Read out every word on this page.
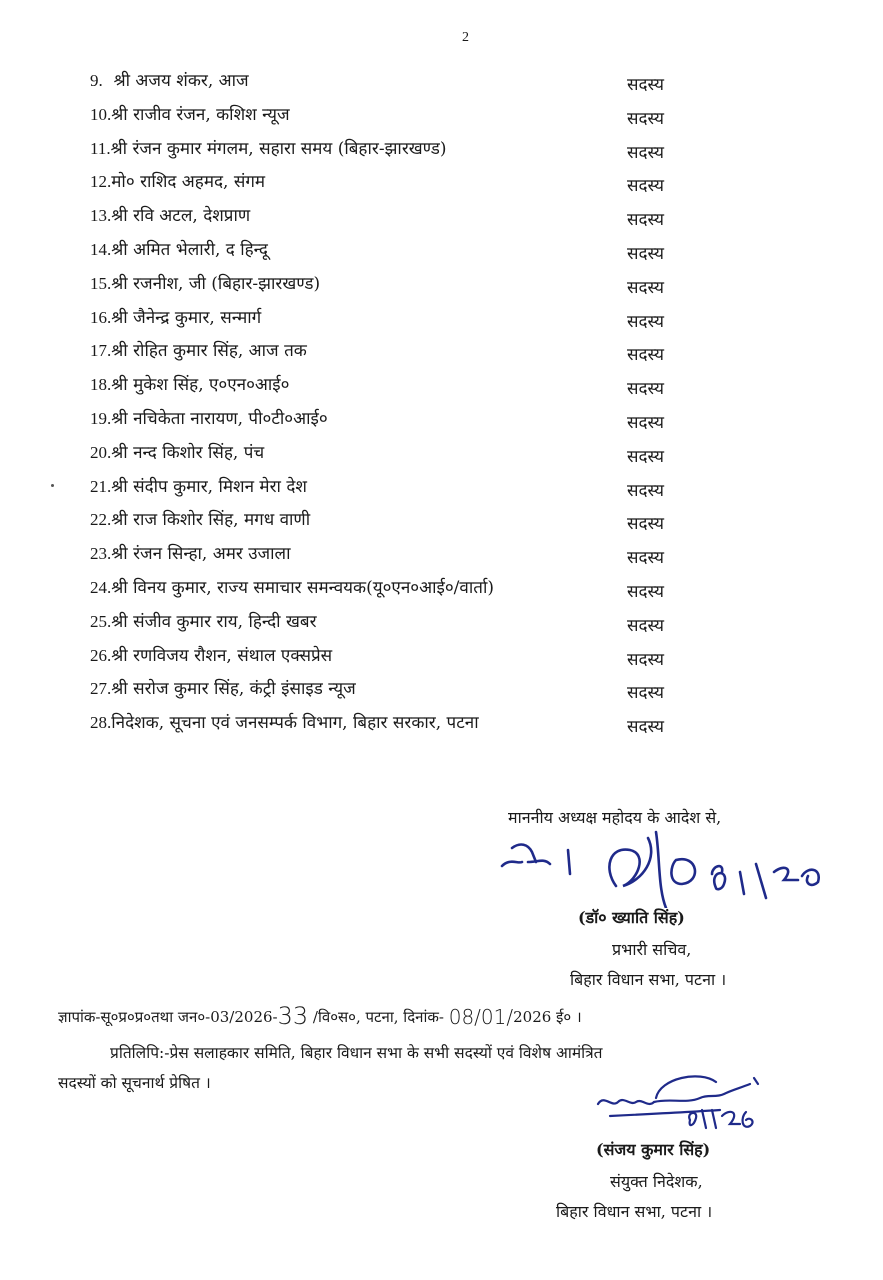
2
9. श्री अजय शंकर, आज	सदस्य
10.श्री राजीव रंजन, कशिश न्यूज	सदस्य
11.श्री रंजन कुमार मंगलम, सहारा समय (बिहार-झारखण्ड)	सदस्य
12.मो० राशिद अहमद, संगम	सदस्य
13.श्री रवि अटल, देशप्राण	सदस्य
14.श्री अमित भेलारी, द हिन्दू	सदस्य
15.श्री रजनीश, जी (बिहार-झारखण्ड)	सदस्य
16.श्री जैनेन्द्र कुमार, सन्मार्ग	सदस्य
17.श्री रोहित कुमार सिंह, आज तक	सदस्य
18.श्री मुकेश सिंह, ए०एन०आई०	सदस्य
19.श्री नचिकेता नारायण, पी०टी०आई०	सदस्य
20.श्री नन्द किशोर सिंह, पंच	सदस्य
21.श्री संदीप कुमार, मिशन मेरा देश	सदस्य
22.श्री राज किशोर सिंह, मगध वाणी	सदस्य
23.श्री रंजन सिन्हा, अमर उजाला	सदस्य
24.श्री विनय कुमार, राज्य समाचार समन्वयक(यू०एन०आई०/वार्ता)	सदस्य
25.श्री संजीव कुमार राय, हिन्दी खबर	सदस्य
26.श्री रणविजय रौशन, संथाल एक्सप्रेस	सदस्य
27.श्री सरोज कुमार सिंह, कंट्री इंसाइड न्यूज	सदस्य
28.निदेशक, सूचना एवं जनसम्पर्क विभाग, बिहार सरकार, पटना	सदस्य
माननीय अध्यक्ष महोदय के आदेश से,
(डॉ० ख्याति सिंह)
प्रभारी सचिव,
बिहार विधान सभा, पटना ।
ज्ञापांक-सू०प्र०प्र०तथा जन०-03/2026-33 /वि०स०, पटना, दिनांक- 08/01/2026 ई० ।
प्रतिलिपि:-प्रेस सलाहकार समिति, बिहार विधान सभा के सभी सदस्यों एवं विशेष आमंत्रित
सदस्यों को सूचनार्थ प्रेषित ।
(संजय कुमार सिंह)
संयुक्त निदेशक,
बिहार विधान सभा, पटना ।
